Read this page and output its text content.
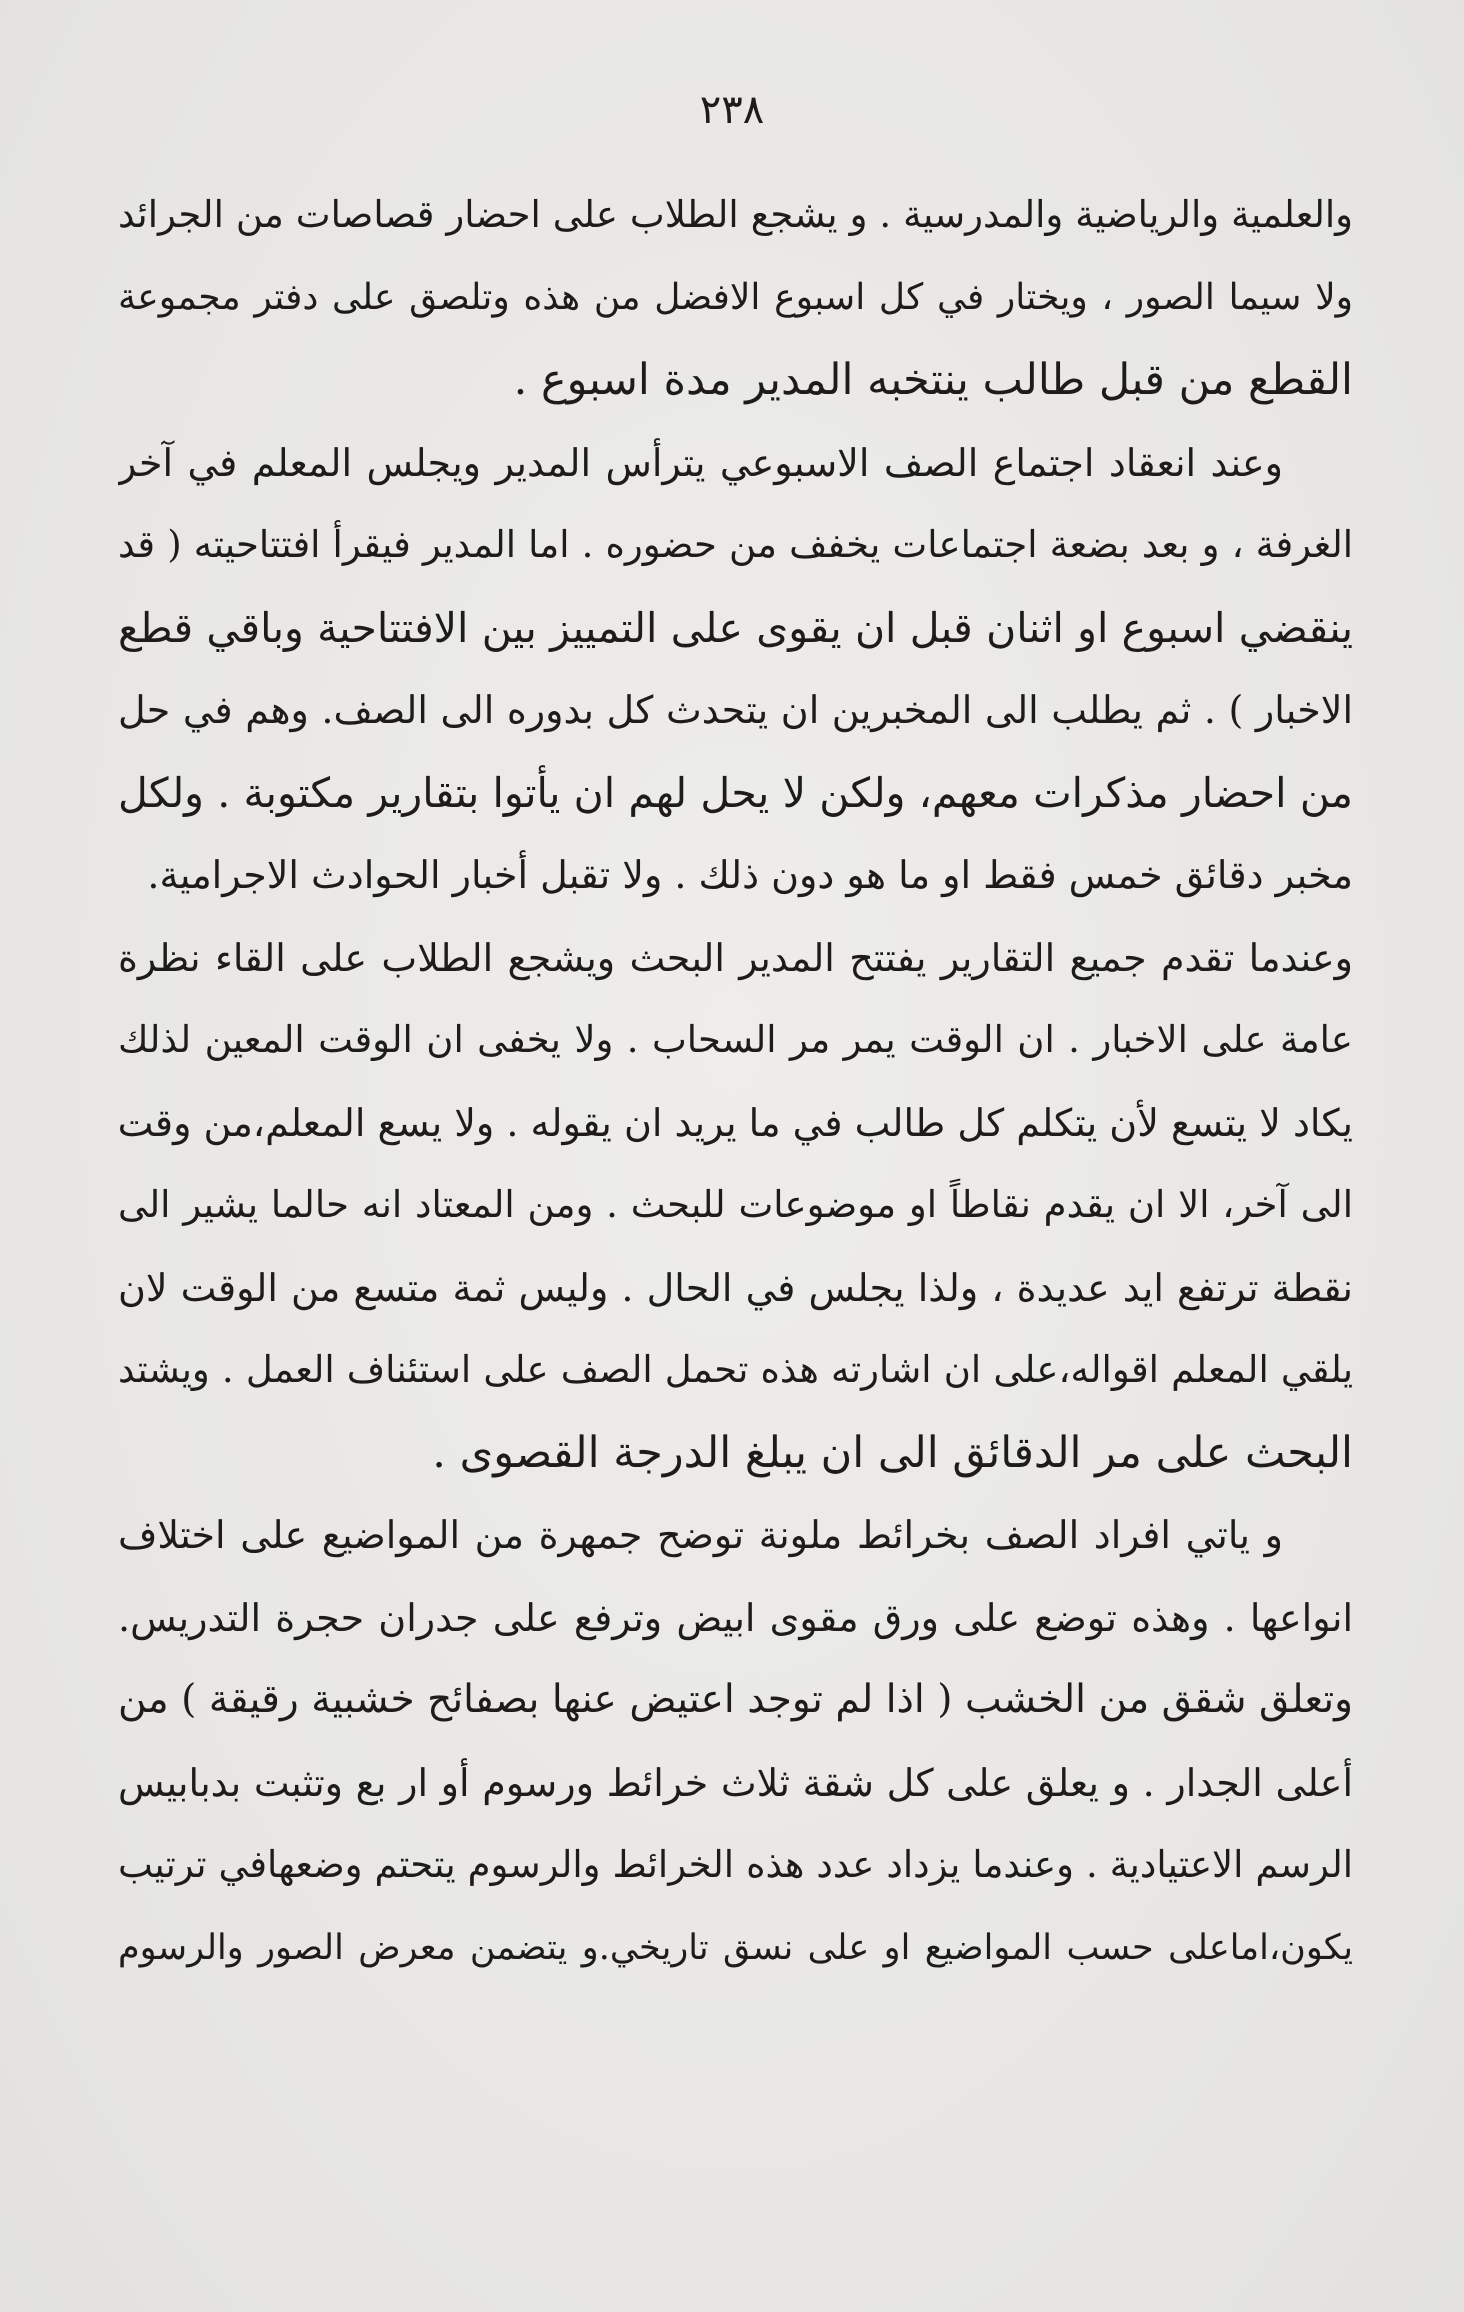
٢٣٨
والعلمية والرياضية والمدرسية . و يشجع الطلاب على احضار قصاصات من الجرائد
ولا سيما الصور ، ويختار في كل اسبوع الافضل من هذه وتلصق على دفتر مجموعة
القطع من قبل طالب ينتخبه المدير مدة اسبوع .
وعند انعقاد اجتماع الصف الاسبوعي يترأس المدير ويجلس المعلم في آخر
الغرفة ، و بعد بضعة اجتماعات يخفف من حضوره . اما المدير فيقرأ افتتاحيته ( قد
ينقضي اسبوع او اثنان قبل ان يقوى على التمييز بين الافتتاحية وباقي قطع
الاخبار ) . ثم يطلب الى المخبرين ان يتحدث كل بدوره الى الصف. وهم في حل
من احضار مذكرات معهم، ولكن لا يحل لهم ان يأتوا بتقارير مكتوبة . ولكل
مخبر دقائق خمس فقط او ما هو دون ذلك . ولا تقبل أخبار الحوادث الاجرامية.
وعندما تقدم جميع التقارير يفتتح المدير البحث ويشجع الطلاب على القاء نظرة
عامة على الاخبار . ان الوقت يمر مر السحاب . ولا يخفى ان الوقت المعين لذلك
يكاد لا يتسع لأن يتكلم كل طالب في ما يريد ان يقوله . ولا يسع المعلم،من وقت
الى آخر، الا ان يقدم نقاطاً او موضوعات للبحث . ومن المعتاد انه حالما يشير الى
نقطة ترتفع ايد عديدة ، ولذا يجلس في الحال . وليس ثمة متسع من الوقت لان
يلقي المعلم اقواله،على ان اشارته هذه تحمل الصف على استئناف العمل . ويشتد
البحث على مر الدقائق الى ان يبلغ الدرجة القصوى .
و ياتي افراد الصف بخرائط ملونة توضح جمهرة من المواضيع على اختلاف
انواعها . وهذه توضع على ورق مقوى ابيض وترفع على جدران حجرة التدريس.
وتعلق شقق من الخشب ( اذا لم توجد اعتيض عنها بصفائح خشبية رقيقة ) من
أعلى الجدار . و يعلق على كل شقة ثلاث خرائط ورسوم أو ار بع وتثبت بدبابيس
الرسم الاعتيادية . وعندما يزداد عدد هذه الخرائط والرسوم يتحتم وضعهافي ترتيب
يكون،اماعلى حسب المواضيع او على نسق تاريخي.و يتضمن معرض الصور والرسوم
